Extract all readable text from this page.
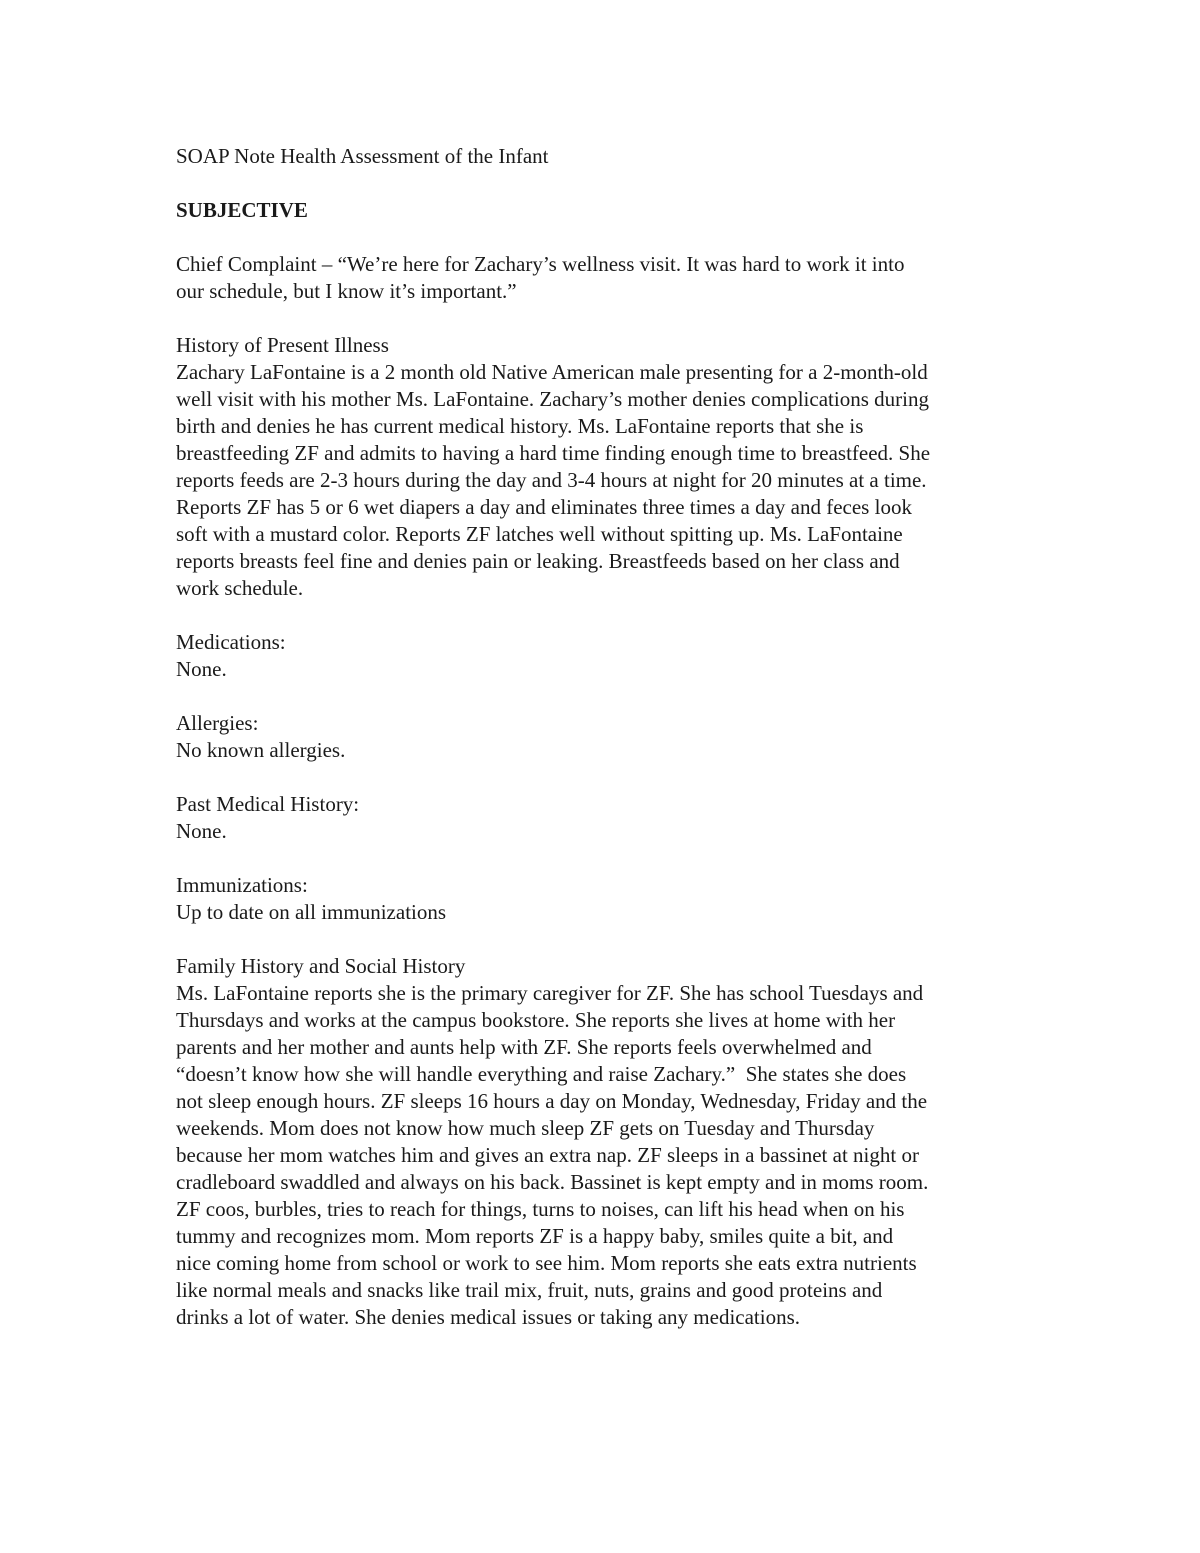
SOAP Note Health Assessment of the Infant
SUBJECTIVE
Chief Complaint – “We’re here for Zachary’s wellness visit. It was hard to work it into
our schedule, but I know it’s important.”
History of Present Illness
Zachary LaFontaine is a 2 month old Native American male presenting for a 2-month-old
well visit with his mother Ms. LaFontaine. Zachary’s mother denies complications during
birth and denies he has current medical history. Ms. LaFontaine reports that she is
breastfeeding ZF and admits to having a hard time finding enough time to breastfeed. She
reports feeds are 2-3 hours during the day and 3-4 hours at night for 20 minutes at a time.
Reports ZF has 5 or 6 wet diapers a day and eliminates three times a day and feces look
soft with a mustard color. Reports ZF latches well without spitting up. Ms. LaFontaine
reports breasts feel fine and denies pain or leaking. Breastfeeds based on her class and
work schedule.
Medications:
None.
Allergies:
No known allergies.
Past Medical History:
None.
Immunizations:
Up to date on all immunizations
Family History and Social History
Ms. LaFontaine reports she is the primary caregiver for ZF. She has school Tuesdays and
Thursdays and works at the campus bookstore. She reports she lives at home with her
parents and her mother and aunts help with ZF. She reports feels overwhelmed and
“doesn’t know how she will handle everything and raise Zachary.”  She states she does
not sleep enough hours. ZF sleeps 16 hours a day on Monday, Wednesday, Friday and the
weekends. Mom does not know how much sleep ZF gets on Tuesday and Thursday
because her mom watches him and gives an extra nap. ZF sleeps in a bassinet at night or
cradleboard swaddled and always on his back. Bassinet is kept empty and in moms room.
ZF coos, burbles, tries to reach for things, turns to noises, can lift his head when on his
tummy and recognizes mom. Mom reports ZF is a happy baby, smiles quite a bit, and
nice coming home from school or work to see him. Mom reports she eats extra nutrients
like normal meals and snacks like trail mix, fruit, nuts, grains and good proteins and
drinks a lot of water. She denies medical issues or taking any medications.
